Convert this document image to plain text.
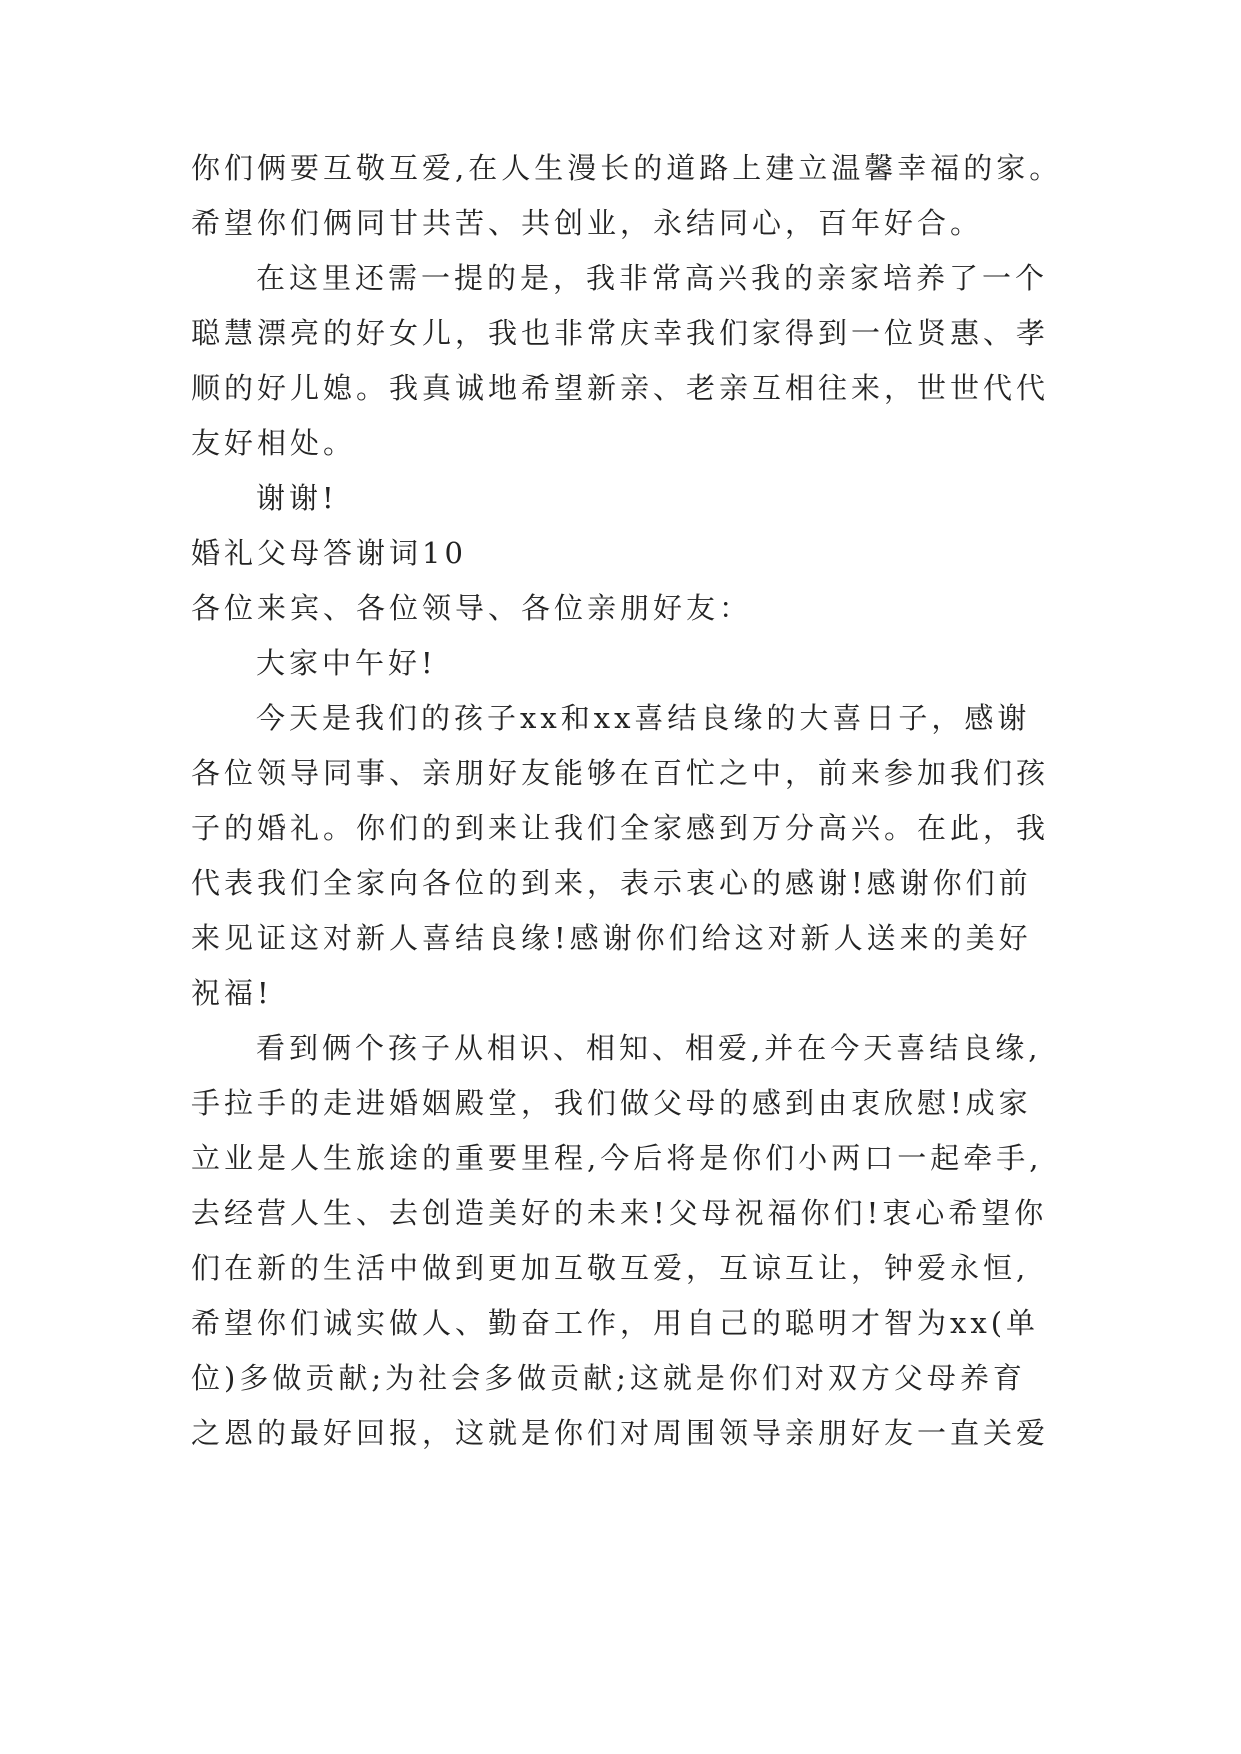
你们俩要互敬互爱,在人生漫长的道路上建立温馨幸福的家。
希望你们俩同甘共苦、共创业，永结同心，百年好合。
在这里还需一提的是，我非常高兴我的亲家培养了一个
聪慧漂亮的好女儿，我也非常庆幸我们家得到一位贤惠、孝
顺的好儿媳。我真诚地希望新亲、老亲互相往来，世世代代
友好相处。
谢谢!
婚礼父母答谢词10
各位来宾、各位领导、各位亲朋好友：
大家中午好!
今天是我们的孩子xx和xx喜结良缘的大喜日子，感谢
各位领导同事、亲朋好友能够在百忙之中，前来参加我们孩
子的婚礼。你们的到来让我们全家感到万分高兴。在此，我
代表我们全家向各位的到来，表示衷心的感谢!感谢你们前
来见证这对新人喜结良缘!感谢你们给这对新人送来的美好
祝福!
看到俩个孩子从相识、相知、相爱,并在今天喜结良缘,
手拉手的走进婚姻殿堂，我们做父母的感到由衷欣慰!成家
立业是人生旅途的重要里程,今后将是你们小两口一起牵手,
去经营人生、去创造美好的未来!父母祝福你们!衷心希望你
们在新的生活中做到更加互敬互爱，互谅互让，钟爱永恒,
希望你们诚实做人、勤奋工作，用自己的聪明才智为xx(单
位)多做贡献;为社会多做贡献;这就是你们对双方父母养育
之恩的最好回报，这就是你们对周围领导亲朋好友一直关爱
